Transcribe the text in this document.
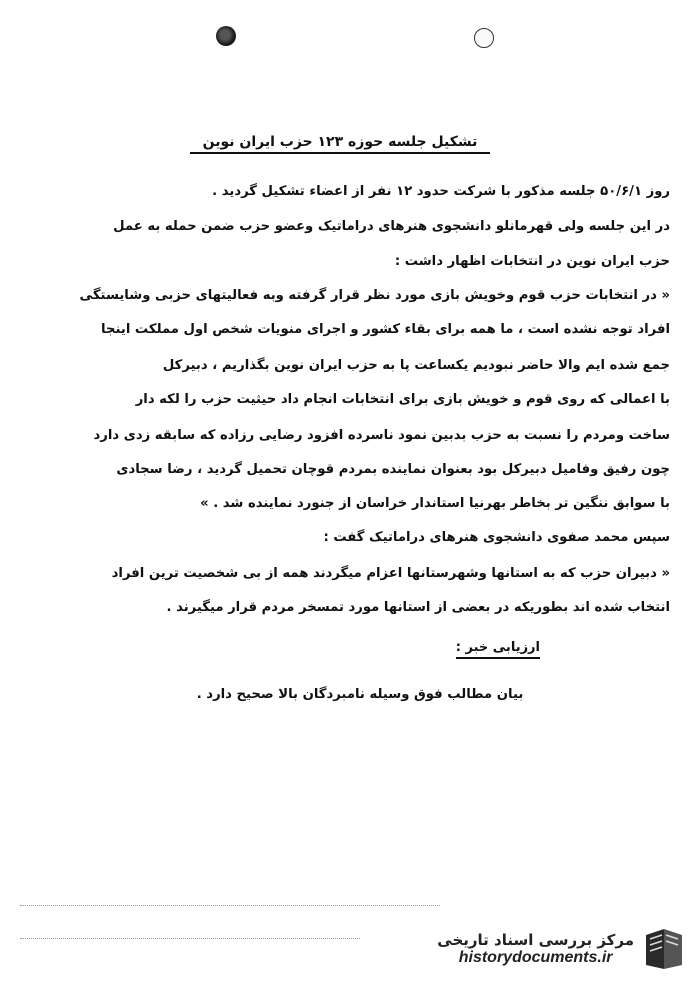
تشکیل جلسه حوزه ۱۲۳ حزب ایران نوین
روز ۵۰/۶/۱ جلسه مذکور با شرکت حدود ۱۲ نفر از اعضاء تشکیل گردید .
در این جلسه ولی قهرمانلو دانشجوی هنرهای دراماتیک وعضو حزب ضمن حمله به عمل
حزب ایران نوین در انتخابات اظهار داشت :
« در انتخابات حزب قوم وخویش بازی مورد نظر قرار گرفته وبه فعالیتهای حزبی وشایستگی
افراد توجه نشده است ، ما همه برای بقاء کشور و اجرای منویات شخص اول مملکت اینجا
جمع شده ایم والا حاضر نبودیم یکساعت پا به حزب ایران نوین بگذاریم ، دبیرکل
با اعمالی که روی قوم و خویش بازی برای انتخابات انجام داد حیثیت حزب را لکه دار
ساخت ومردم را نسبت به حزب بدبین نمود ناسرده افزود رضایی رزاده که سابقه زدی دارد
چون رفیق وفامیل دبیرکل بود بعنوان نماینده بمردم قوچان تحمیل گردید ، رضا سجادی
با سوابق ننگین تر بخاطر بهرنیا استاندار خراسان از جنورد نماینده شد . »
سپس محمد صفوی دانشجوی هنرهای دراماتیک گفت :
« دبیران حزب که به استانها وشهرستانها اعزام میگردند همه از بی شخصیت ترین افراد
انتخاب شده اند بطوریکه در بعضی از استانها مورد تمسخر مردم قرار میگیرند .
ارزیابی خبر :
بیان مطالب فوق وسیله نامبردگان بالا صحیح دارد .
مرکز بررسی اسناد تاریخی
historydocuments.ir
